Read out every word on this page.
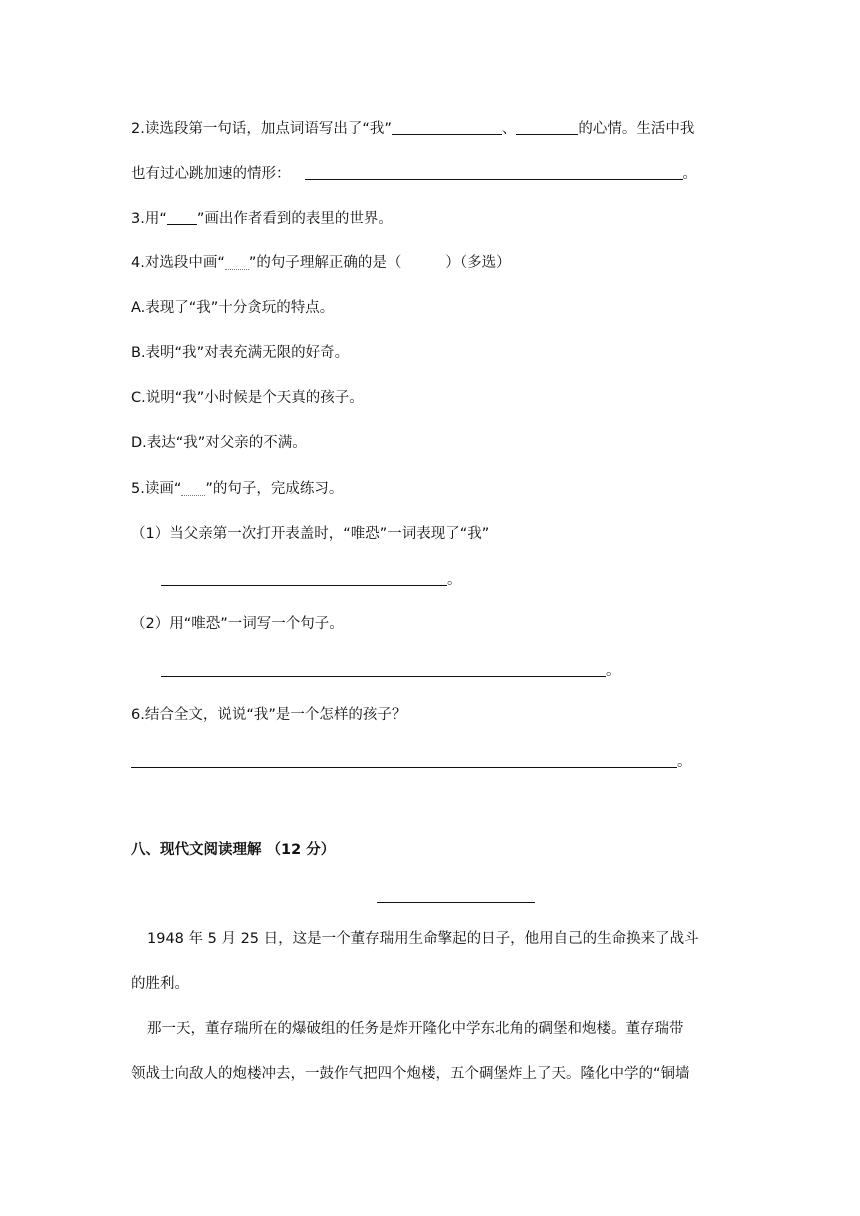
2.读选段第一句话，加点词语写出了“我”	、	的心情。生活中我
也有过心跳加速的情形：	。
3.用“ ”画出作者看到的表里的世界。
4.对选段中画“ ”的句子理解正确的是（	）（多选）
A.表现了“我”十分贪玩的特点。
B.表明“我”对表充满无限的好奇。
C.说明“我”小时候是个天真的孩子。
D.表达“我”对父亲的不满。
5.读画“ ”的句子，完成练习。
（1）当父亲第一次打开表盖时，“唯恐”一词表现了“我”
。
（2）用“唯恐”一词写一个句子。
。
6.结合全文，说说“我”是一个怎样的孩子？
。
八、现代文阅读理解 （12 分）
1948 年 5 月 25 日，这是一个董存瑞用生命擎起的日子，他用自己的生命换来了战斗
的胜利。
那一天，董存瑞所在的爆破组的任务是炸开隆化中学东北角的碉堡和炮楼。董存瑞带
领战士向敌人的炮楼冲去，一鼓作气把四个炮楼，五个碉堡炸上了天。隆化中学的“铜墙
